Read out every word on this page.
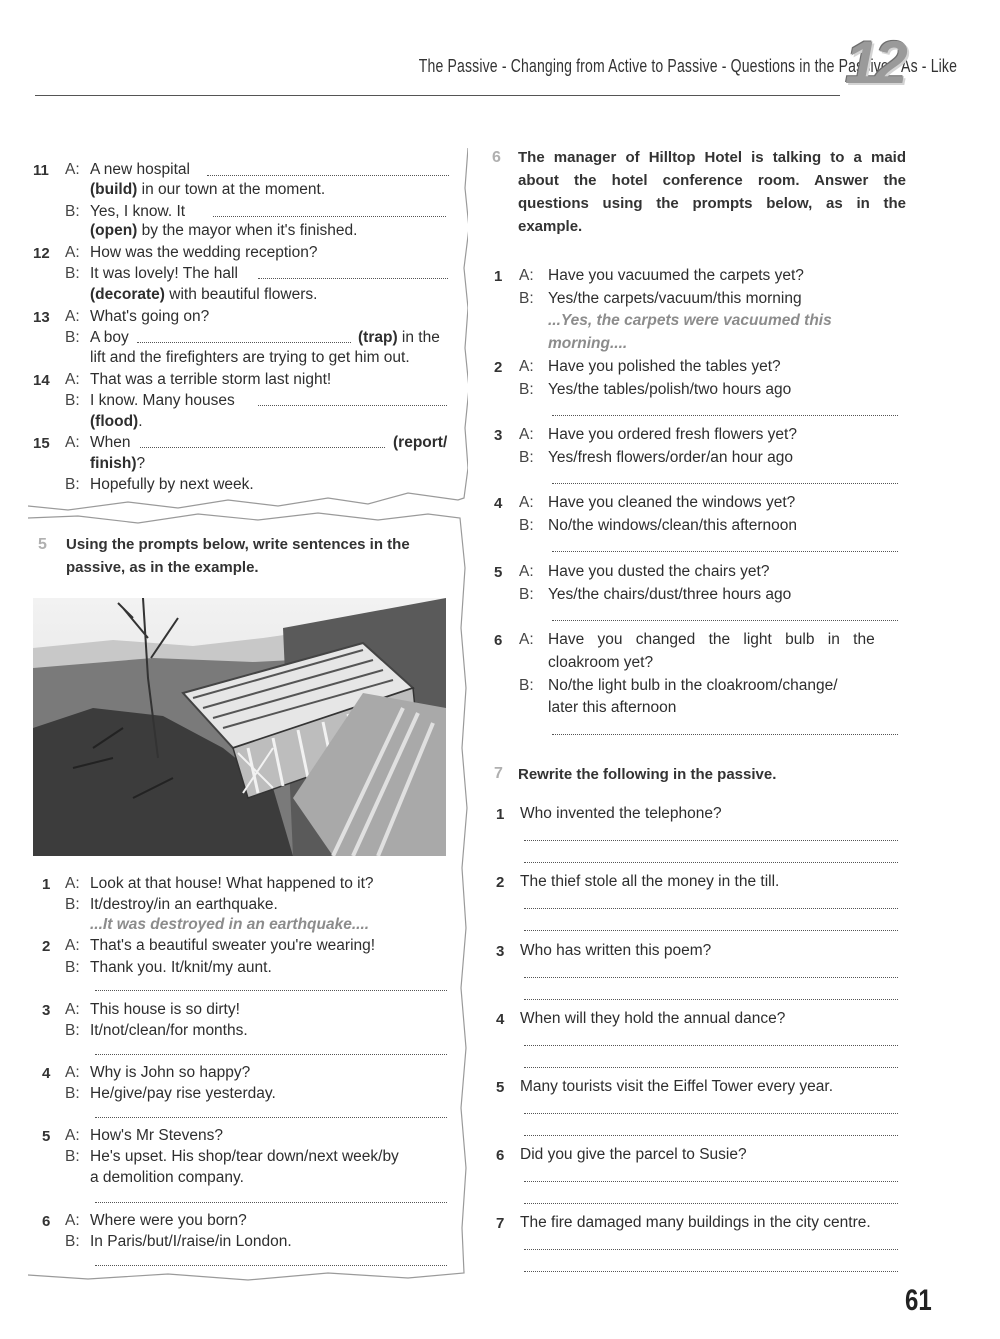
The Passive - Changing from Active to Passive - Questions in the Passive - As - Like
12
11 A: A new hospital
(build) in our town at the moment.
B: Yes, I know. It
(open) by the mayor when it's finished.
12 A: How was the wedding reception?
B: It was lovely! The hall
(decorate) with beautiful flowers.
13 A: What's going on?
B: A boy	(trap) in the
lift and the firefighters are trying to get him out.
14 A: That was a terrible storm last night!
B: I know. Many houses
(flood).
15 A: When	(report/
finish)?
B: Hopefully by next week.
5 Using the prompts below, write sentences in the passive, as in the example.
1 A: Look at that house! What happened to it?
B: It/destroy/in an earthquake.
...It was destroyed in an earthquake....
2 A: That's a beautiful sweater you're wearing!
B: Thank you. It/knit/my aunt.
3 A: This house is so dirty!
B: It/not/clean/for months.
4 A: Why is John so happy?
B: He/give/pay rise yesterday.
5 A: How's Mr Stevens?
B: He's upset. His shop/tear down/next week/by
a demolition company.
6 A: Where were you born?
B: In Paris/but/I/raise/in London.
6 The manager of Hilltop Hotel is talking to a maid about the hotel conference room. Answer the questions using the prompts below, as in the example.
1 A: Have you vacuumed the carpets yet?
B: Yes/the carpets/vacuum/this morning
...Yes, the carpets were vacuumed this
morning....
2 A: Have you polished the tables yet?
B: Yes/the tables/polish/two hours ago
3 A: Have you ordered fresh flowers yet?
B: Yes/fresh flowers/order/an hour ago
4 A: Have you cleaned the windows yet?
B: No/the windows/clean/this afternoon
5 A: Have you dusted the chairs yet?
B: Yes/the chairs/dust/three hours ago
6 A: Have you changed the light bulb in the
cloakroom yet?
B: No/the light bulb in the cloakroom/change/
later this afternoon
7 Rewrite the following in the passive.
1 Who invented the telephone?
2 The thief stole all the money in the till.
3 Who has written this poem?
4 When will they hold the annual dance?
5 Many tourists visit the Eiffel Tower every year.
6 Did you give the parcel to Susie?
7 The fire damaged many buildings in the city centre.
61
